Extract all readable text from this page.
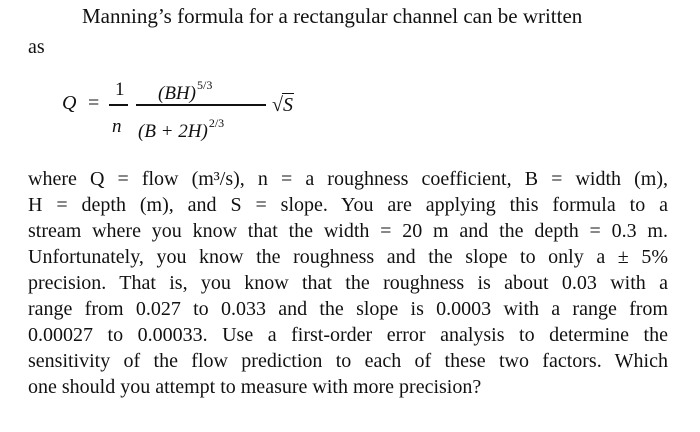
Manning’s formula for a rectangular channel can be written
as
Q =
1
n
(BH)$^{5/3}$
$(B + 2H)^{2/3}$
√S
where Q = flow (m³/s), n = a roughness coefficient, B = width (m),
H = depth (m), and S = slope. You are applying this formula to a
stream where you know that the width = 20 m and the depth = 0.3 m.
Unfortunately, you know the roughness and the slope to only a ± 5%
precision. That is, you know that the roughness is about 0.03 with a
range from 0.027 to 0.033 and the slope is 0.0003 with a range from
0.00027 to 0.00033. Use a first-order error analysis to determine the
sensitivity of the flow prediction to each of these two factors. Which
one should you attempt to measure with more precision?
